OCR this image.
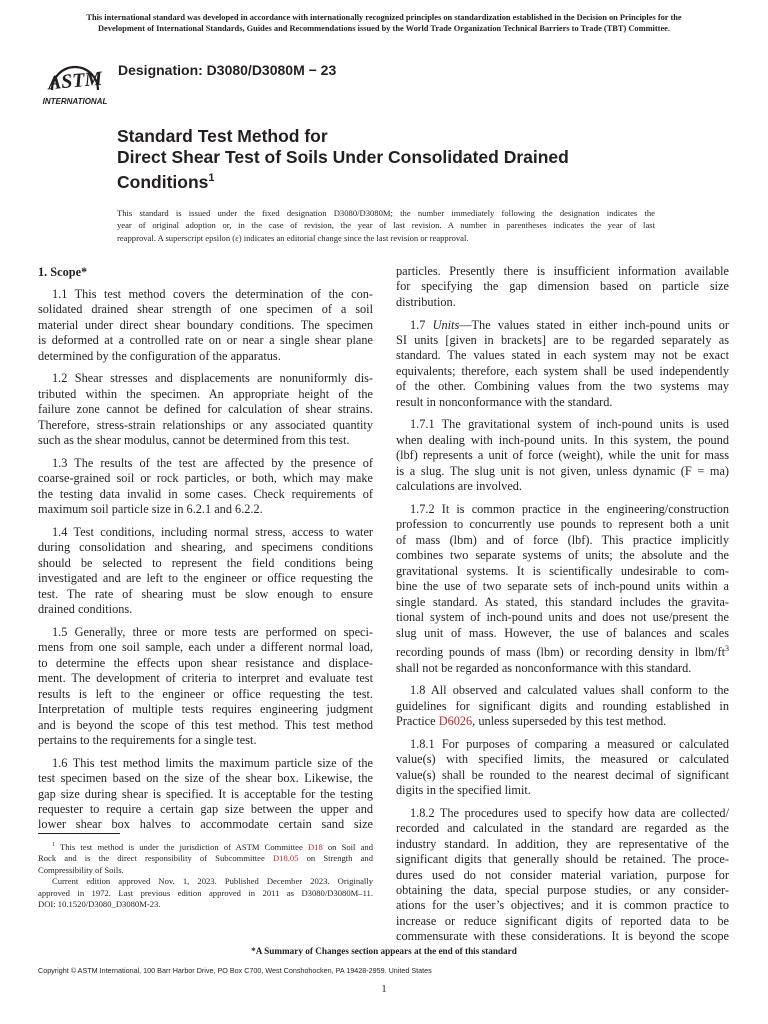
This international standard was developed in accordance with internationally recognized principles on standardization established in the Decision on Principles for the
Development of International Standards, Guides and Recommendations issued by the World Trade Organization Technical Barriers to Trade (TBT) Committee.
ASTM
INTERNATIONAL
Designation: D3080/D3080M − 23
Standard Test Method for
Direct Shear Test of Soils Under Consolidated Drained
Conditions$^1$
This standard is issued under the fixed designation D3080/D3080M; the number immediately following the designation indicates the
year of original adoption or, in the case of revision, the year of last revision. A number in parentheses indicates the year of last
reapproval. A superscript epsilon (ε) indicates an editorial change since the last revision or reapproval.
1. Scope*
1.1 This test method covers the determination of the con-
solidated drained shear strength of one specimen of a soil
material under direct shear boundary conditions. The specimen
is deformed at a controlled rate on or near a single shear plane
determined by the configuration of the apparatus.
1.2 Shear stresses and displacements are nonuniformly dis-
tributed within the specimen. An appropriate height of the
failure zone cannot be defined for calculation of shear strains.
Therefore, stress-strain relationships or any associated quantity
such as the shear modulus, cannot be determined from this test.
1.3 The results of the test are affected by the presence of
coarse-grained soil or rock particles, or both, which may make
the testing data invalid in some cases. Check requirements of
maximum soil particle size in 6.2.1 and 6.2.2.
1.4 Test conditions, including normal stress, access to water
during consolidation and shearing, and specimens conditions
should be selected to represent the field conditions being
investigated and are left to the engineer or office requesting the
test. The rate of shearing must be slow enough to ensure
drained conditions.
1.5 Generally, three or more tests are performed on speci-
mens from one soil sample, each under a different normal load,
to determine the effects upon shear resistance and displace-
ment. The development of criteria to interpret and evaluate test
results is left to the engineer or office requesting the test.
Interpretation of multiple tests requires engineering judgment
and is beyond the scope of this test method. This test method
pertains to the requirements for a single test.
1.6 This test method limits the maximum particle size of the
test specimen based on the size of the shear box. Likewise, the
gap size during shear is specified. It is acceptable for the testing
requester to require a certain gap size between the upper and
lower shear box halves to accommodate certain sand size
particles. Presently there is insufficient information available
for specifying the gap dimension based on particle size
distribution.
1.7 Units—The values stated in either inch-pound units or
SI units [given in brackets] are to be regarded separately as
standard. The values stated in each system may not be exact
equivalents; therefore, each system shall be used independently
of the other. Combining values from the two systems may
result in nonconformance with the standard.
1.7.1 The gravitational system of inch-pound units is used
when dealing with inch-pound units. In this system, the pound
(lbf) represents a unit of force (weight), while the unit for mass
is a slug. The slug unit is not given, unless dynamic (F = ma)
calculations are involved.
1.7.2 It is common practice in the engineering/construction
profession to concurrently use pounds to represent both a unit
of mass (lbm) and of force (lbf). This practice implicitly
combines two separate systems of units; the absolute and the
gravitational systems. It is scientifically undesirable to com-
bine the use of two separate sets of inch-pound units within a
single standard. As stated, this standard includes the gravita-
tional system of inch-pound units and does not use/present the
slug unit of mass. However, the use of balances and scales
recording pounds of mass (lbm) or recording density in lbm/$ft^3$
shall not be regarded as nonconformance with this standard.
1.8 All observed and calculated values shall conform to the
guidelines for significant digits and rounding established in
Practice D6026, unless superseded by this test method.
1.8.1 For purposes of comparing a measured or calculated
value(s) with specified limits, the measured or calculated
value(s) shall be rounded to the nearest decimal of significant
digits in the specified limit.
1.8.2 The procedures used to specify how data are collected/
recorded and calculated in the standard are regarded as the
industry standard. In addition, they are representative of the
significant digits that generally should be retained. The proce-
dures used do not consider material variation, purpose for
obtaining the data, special purpose studies, or any consider-
ations for the user’s objectives; and it is common practice to
increase or reduce significant digits of reported data to be
commensurate with these considerations. It is beyond the scope
$^1$ This test method is under the jurisdiction of ASTM Committee D18 on Soil and
Rock and is the direct responsibility of Subcommittee D18.05 on Strength and
Compressibility of Soils.
Current edition approved Nov. 1, 2023. Published December 2023. Originally
approved in 1972. Last previous edition approved in 2011 as D3080/D3080M–11.
DOI: 10.1520/D3080_D3080M-23.
*A Summary of Changes section appears at the end of this standard
Copyright © ASTM International, 100 Barr Harbor Drive, PO Box C700, West Conshohocken, PA 19428-2959. United States
1
